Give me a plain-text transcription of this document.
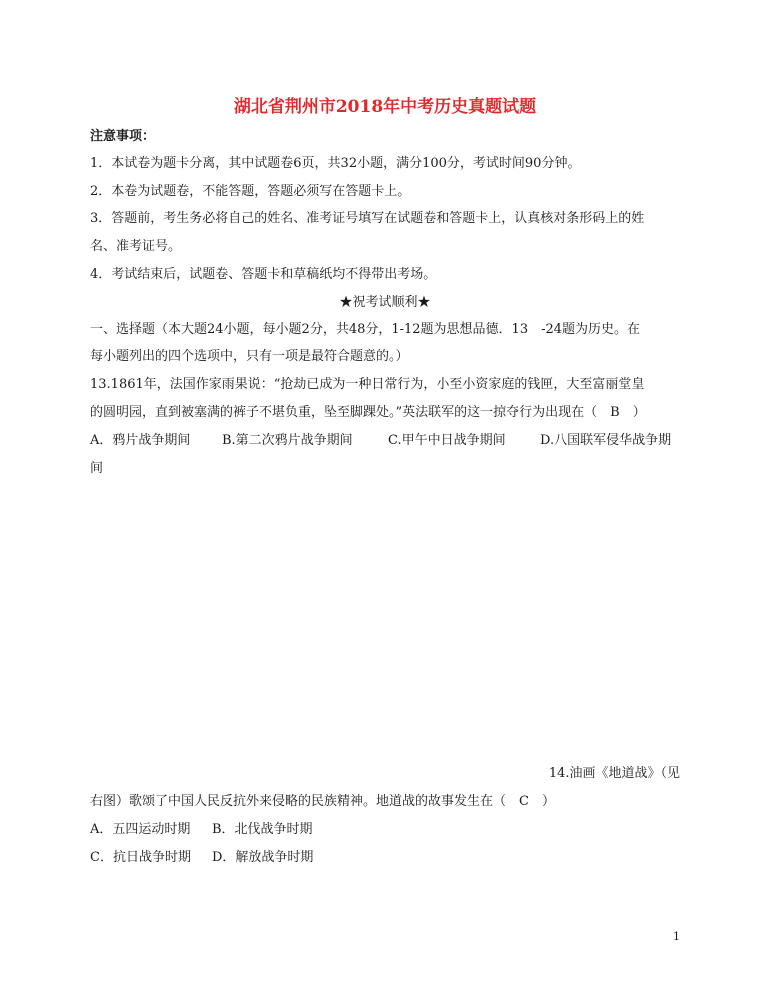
湖北省荆州市2018年中考历史真题试题
注意事项：
1．本试卷为题卡分离，其中试题卷6页，共32小题，满分100分，考试时间90分钟。
2．本卷为试题卷，不能答题，答题必须写在答题卡上。
3．答题前，考生务必将自己的姓名、准考证号填写在试题卷和答题卡上，认真核对条形码上的姓
名、准考证号。
4．考试结束后，试题卷、答题卡和草稿纸均不得带出考场。
★祝考试顺利★
一、选择题（本大题24小题，每小题2分，共48分，1-12题为思想品德．13　-24题为历史。在
每小题列出的四个选项中，只有一项是最符合题意的。）
13.1861年，法国作家雨果说：“抢劫已成为一种日常行为，小至小资家庭的钱匣，大至富丽堂皇
的圆明园，直到被塞满的裤子不堪负重，坠至脚踝处。”英法联军的这一掠夺行为出现在（　B　）
A．鸦片战争期间 B.第二次鸦片战争期间	C.甲午中日战争期间	D.八国联军侵华战争期
间
14.油画《地道战》（见
右图）歌颂了中国人民反抗外来侵略的民族精神。地道战的故事发生在（　C　）
A．五四运动时期 B．北伐战争时期
C．抗日战争时期 D．解放战争时期
1
